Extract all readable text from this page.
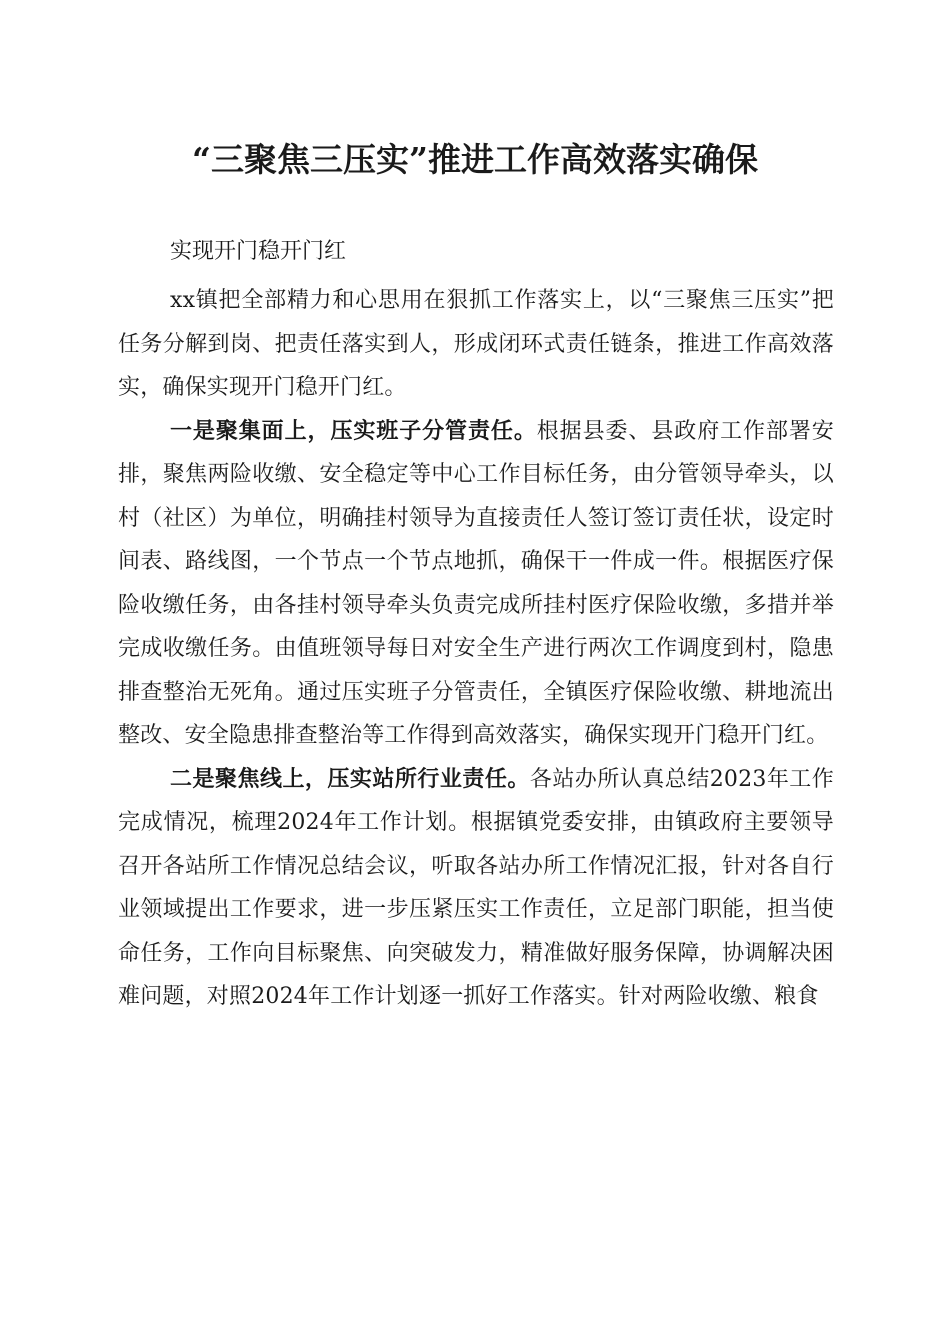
“三聚焦三压实”推进工作高效落实确保

实现开门稳开门红

xx镇把全部精力和心思用在狠抓工作落实上，以“三聚焦三压实”把任务分解到岗、把责任落实到人，形成闭环式责任链条，推进工作高效落实，确保实现开门稳开门红。

一是聚集面上，压实班子分管责任。根据县委、县政府工作部署安排，聚焦两险收缴、安全稳定等中心工作目标任务，由分管领导牵头，以村（社区）为单位，明确挂村领导为直接责任人签订签订责任状，设定时间表、路线图，一个节点一个节点地抓，确保干一件成一件。根据医疗保险收缴任务，由各挂村领导牵头负责完成所挂村医疗保险收缴，多措并举完成收缴任务。由值班领导每日对安全生产进行两次工作调度到村，隐患排查整治无死角。通过压实班子分管责任，全镇医疗保险收缴、耕地流出整改、安全隐患排查整治等工作得到高效落实，确保实现开门稳开门红。

二是聚焦线上，压实站所行业责任。各站办所认真总结2023年工作完成情况，梳理2024年工作计划。根据镇党委安排，由镇政府主要领导召开各站所工作情况总结会议，听取各站办所工作情况汇报，针对各自行业领域提出工作要求，进一步压紧压实工作责任，立足部门职能，担当使命任务，工作向目标聚焦、向突破发力，精准做好服务保障，协调解决困难问题，对照2024年工作计划逐一抓好工作落实。针对两险收缴、粮食
